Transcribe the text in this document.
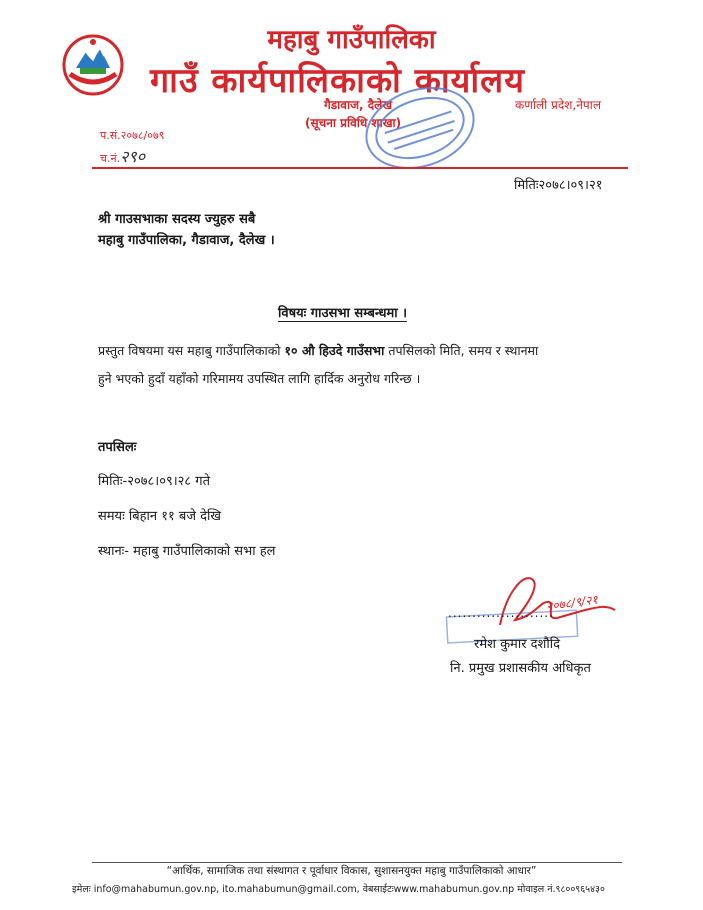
महाबु गाउँपालिका
गाउँ कार्यपालिकाको कार्यालय
गैडावाज, दैलेख
(सूचना प्रविधि शाखा)
कर्णाली प्रदेश,नेपाल
प.सं.२०७८/०७९
च.नं.२९०
मितिः२०७८।०९।२१
श्री गाउसभाका सदस्य ज्युहरु सबै
महाबु गाउँपालिका, गैडावाज, दैलेख ।
विषयः गाउसभा सम्बन्धमा ।
प्रस्तुत विषयमा यस महाबु गाउँपालिकाको १० औ हिउदे गाउँसभा तपसिलको मिति, समय र स्थानमा
हुने भएको हुदाँ यहाँको गरिमामय उपस्थित लागि हार्दिक अनुरोध गरिन्छ ।
तपसिलः
मितिः-२०७८।०९।२८ गते
समयः बिहान ११ बजे देखि
स्थानः- महाबु गाउँपालिकाको सभा हल
२०७८/९/२१
......................
रमेश कुमार दशौदि
नि. प्रमुख प्रशासकीय अधिकृत
“आर्थिक, सामाजिक तथा संस्थागत र पूर्वाधार विकास, सुशासनयुक्त महाबु गाउँपालिकाको आधार”
इमेलः info@mahabumun.gov.np, ito.mahabumun@gmail.com, वेबसाईटःwww.mahabumun.gov.np मोवाइल नं.९८००९६५४३०
